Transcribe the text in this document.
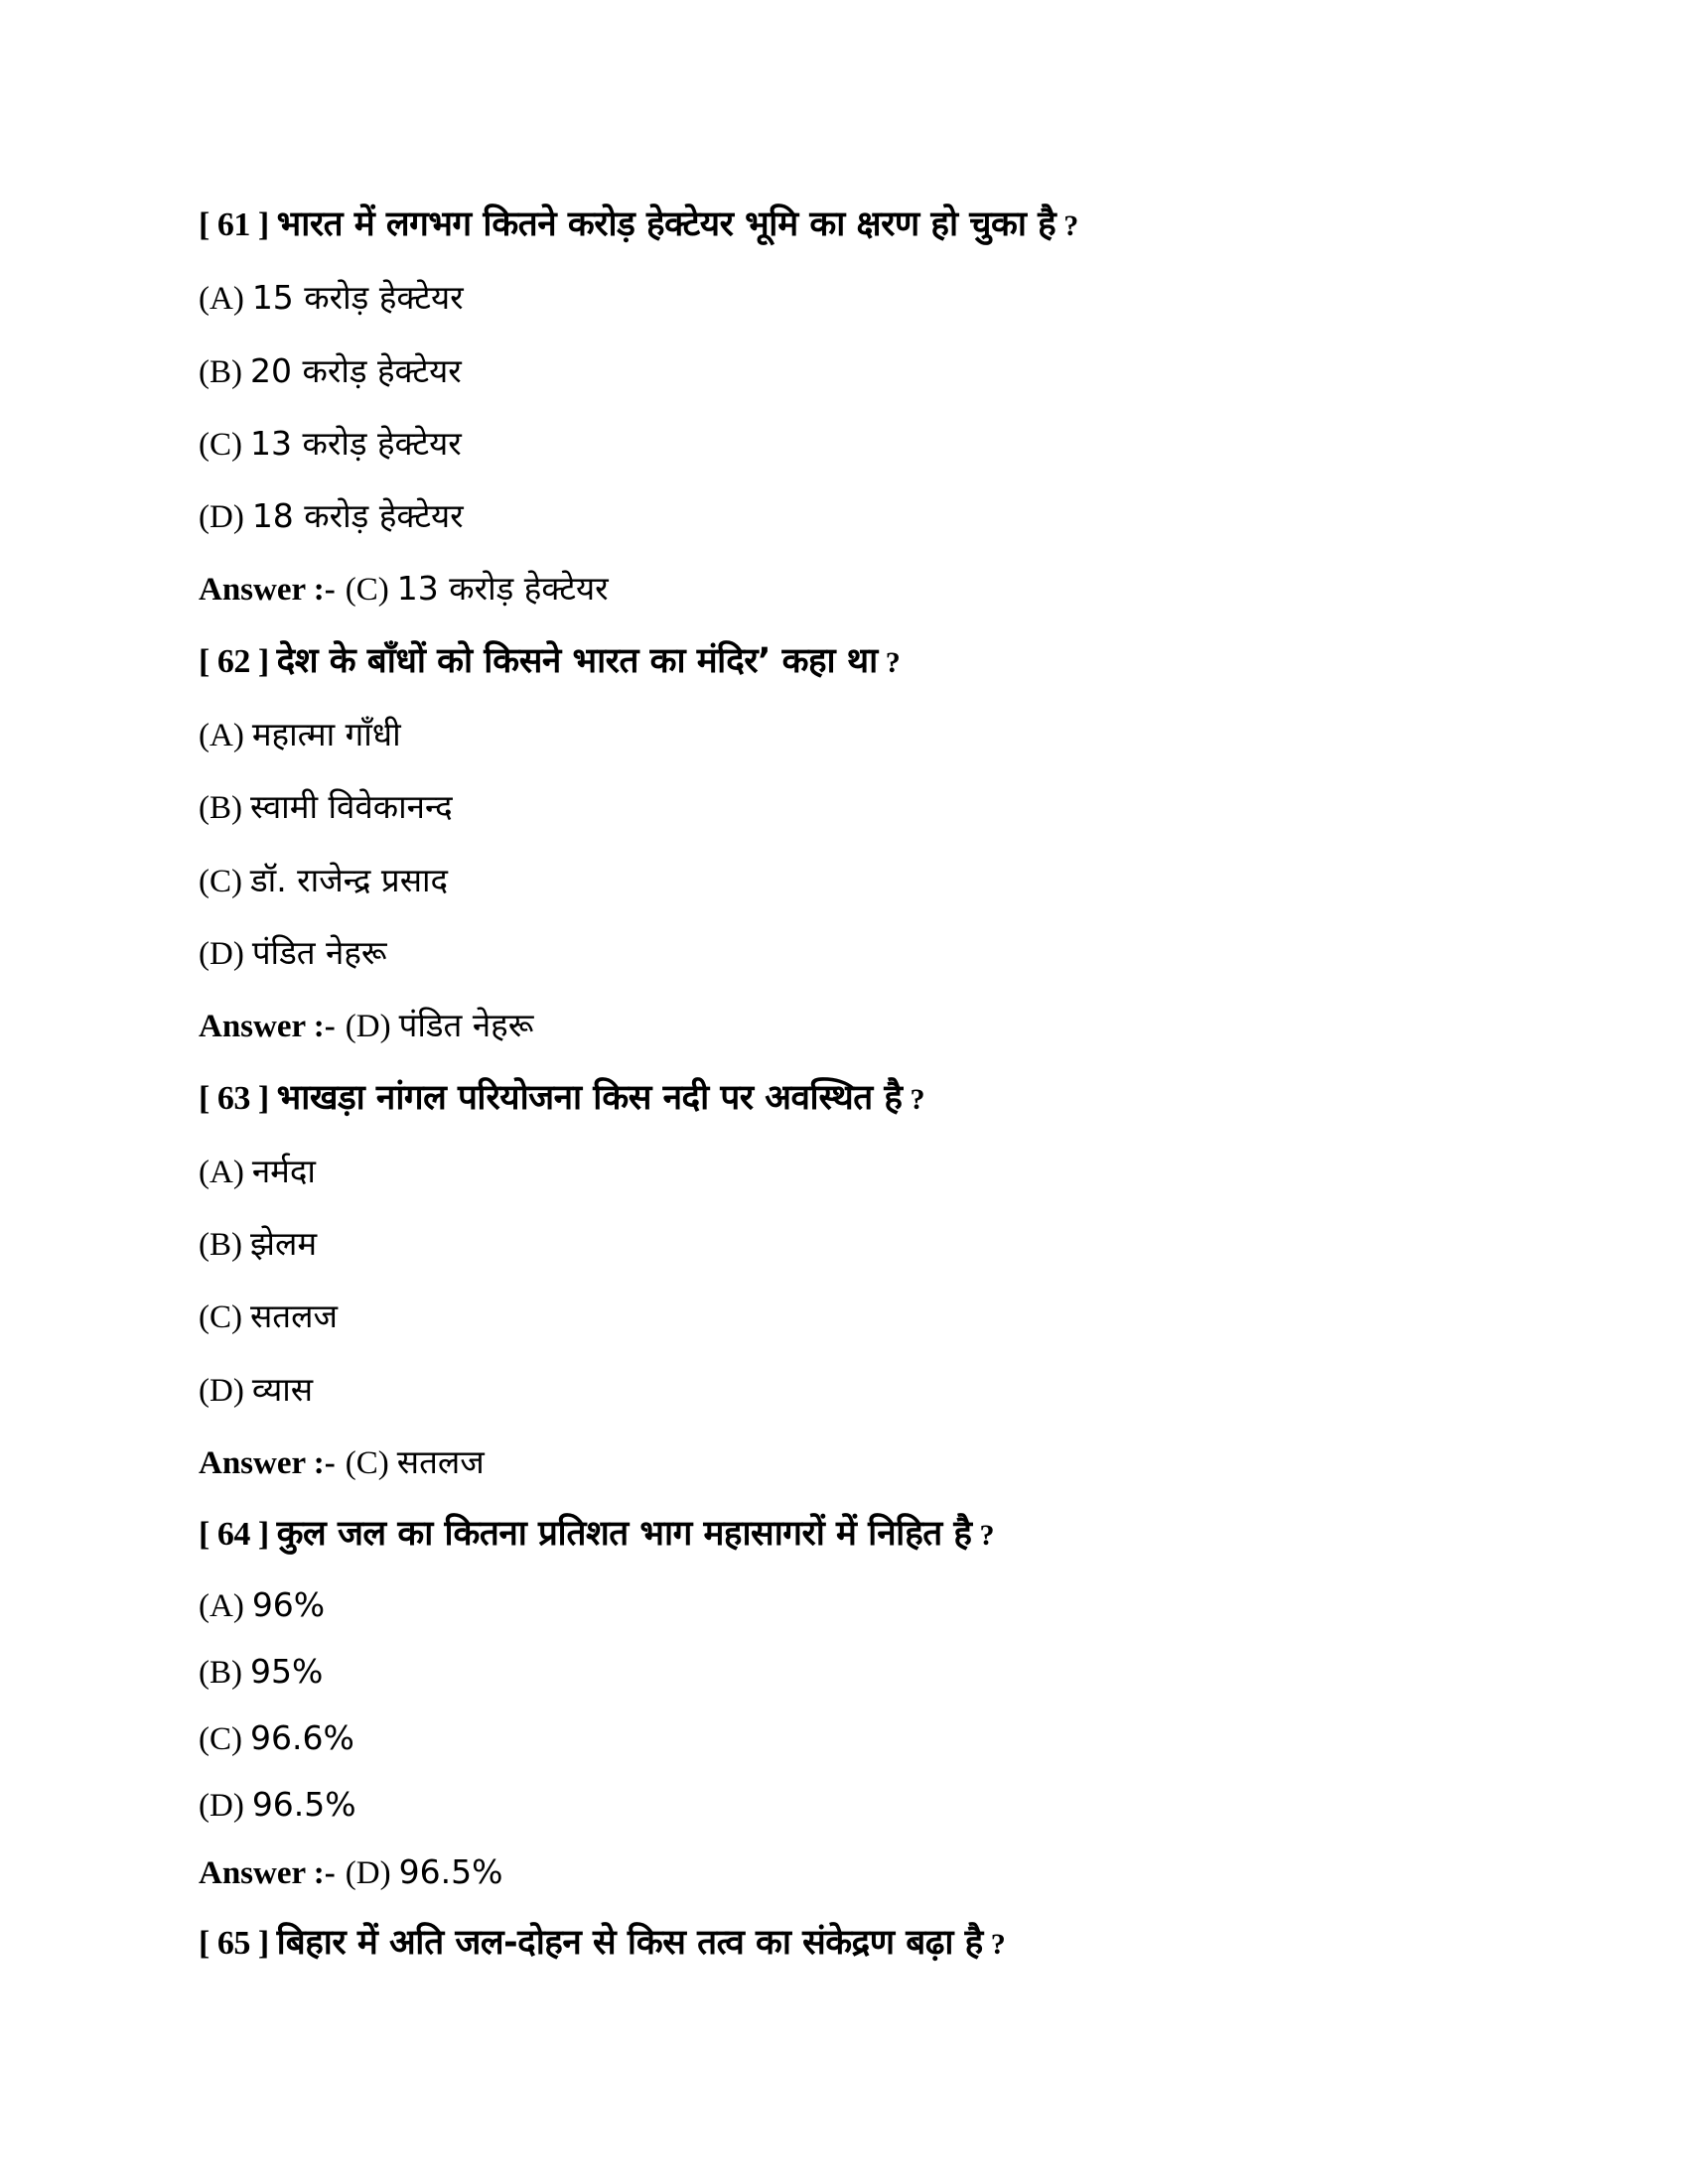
[ 61 ] भारत में लगभग कितने करोड़ हेक्टेयर भूमि का क्षरण हो चुका है ?
(A) 15 करोड़ हेक्टेयर
(B) 20 करोड़ हेक्टेयर
(C) 13 करोड़ हेक्टेयर
(D) 18 करोड़ हेक्टेयर
Answer :- (C) 13 करोड़ हेक्टेयर
[ 62 ] देश के बाँधों को किसने भारत का मंदिर’ कहा था ?
(A) महात्मा गाँधी
(B) स्वामी विवेकानन्द
(C) डॉ. राजेन्द्र प्रसाद
(D) पंडित नेहरू
Answer :- (D) पंडित नेहरू
[ 63 ] भाखड़ा नांगल परियोजना किस नदी पर अवस्थित है ?
(A) नर्मदा
(B) झेलम
(C) सतलज
(D) व्यास
Answer :- (C) सतलज
[ 64 ] कुल जल का कितना प्रतिशत भाग महासागरों में निहित है ?
(A) 96%
(B) 95%
(C) 96.6%
(D) 96.5%
Answer :- (D) 96.5%
[ 65 ] बिहार में अति जल-दोहन से किस तत्व का संकेद्रण बढ़ा है ?
